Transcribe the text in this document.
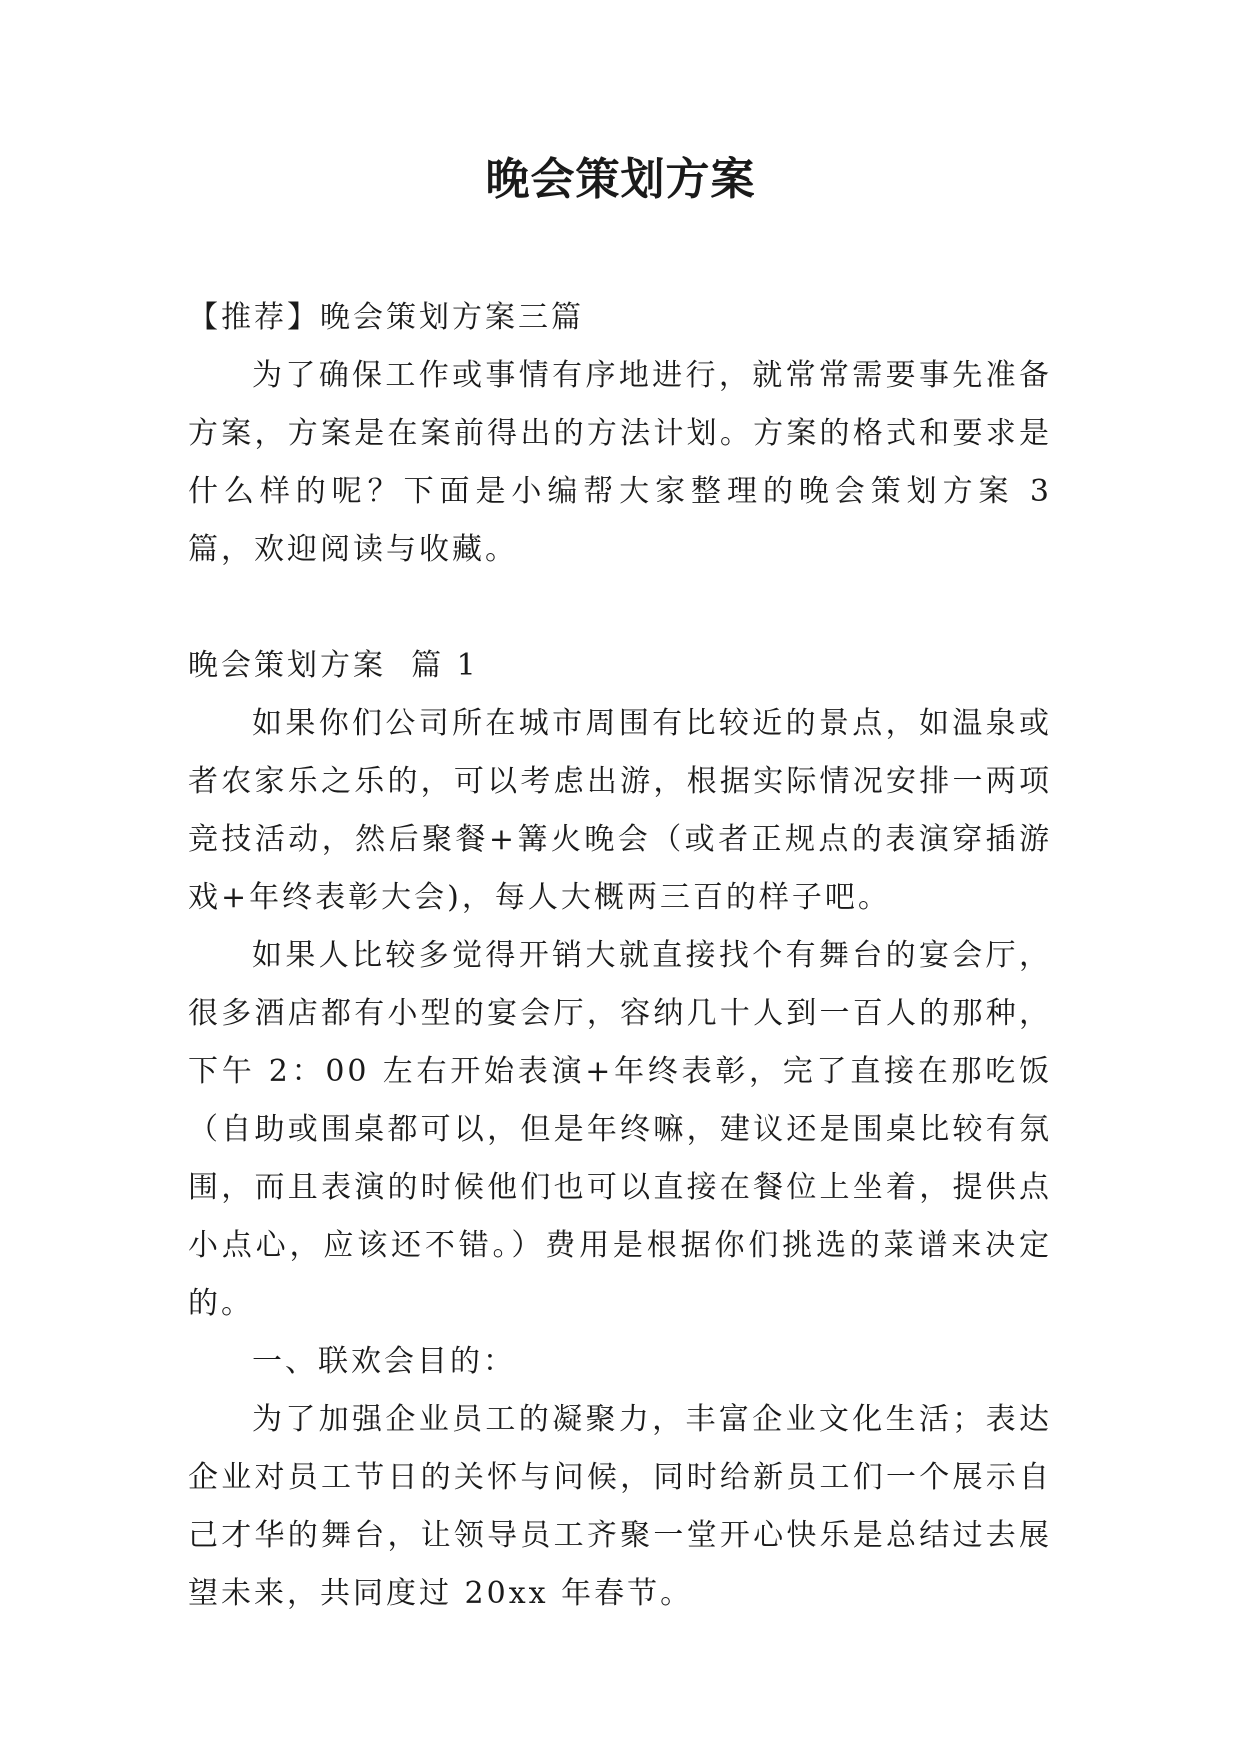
晚会策划方案

【推荐】晚会策划方案三篇

为了确保工作或事情有序地进行，就常常需要事先准备方案，方案是在案前得出的方法计划。方案的格式和要求是什么样的呢？下面是小编帮大家整理的晚会策划方案 3 篇，欢迎阅读与收藏。

晚会策划方案  篇 1

如果你们公司所在城市周围有比较近的景点，如温泉或者农家乐之乐的，可以考虑出游，根据实际情况安排一两项竞技活动，然后聚餐+篝火晚会（或者正规点的表演穿插游戏+年终表彰大会)，每人大概两三百的样子吧。

如果人比较多觉得开销大就直接找个有舞台的宴会厅，很多酒店都有小型的宴会厅，容纳几十人到一百人的那种，下午 2：00 左右开始表演+年终表彰，完了直接在那吃饭（自助或围桌都可以，但是年终嘛，建议还是围桌比较有氛围，而且表演的时候他们也可以直接在餐位上坐着，提供点小点心，应该还不错。）费用是根据你们挑选的菜谱来决定的。

一、联欢会目的：

为了加强企业员工的凝聚力，丰富企业文化生活；表达企业对员工节日的关怀与问候，同时给新员工们一个展示自己才华的舞台，让领导员工齐聚一堂开心快乐是总结过去展望未来，共同度过 20xx 年春节。
